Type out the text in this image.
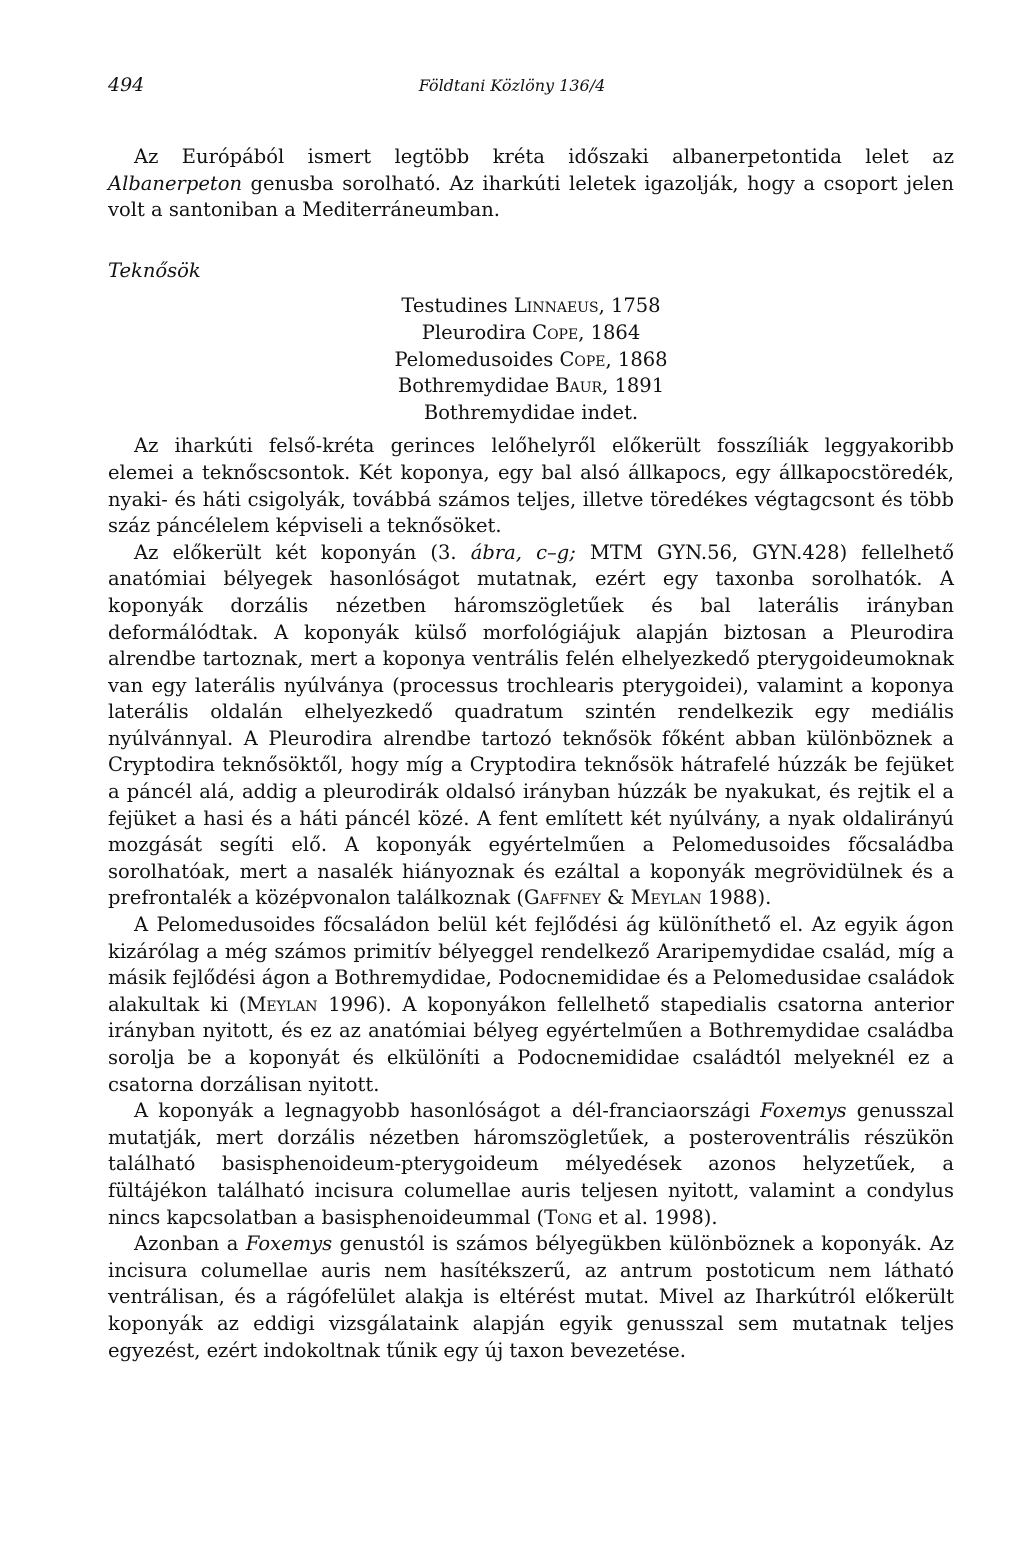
494	Földtani Közlöny 136/4

Az Európából ismert legtöbb kréta időszaki albanerpetontida lelet az Albanerpeton genusba sorolható. Az iharkúti leletek igazolják, hogy a csoport jelen volt a santoniban a Mediterráneumban.

Teknősök

Testudines Linnaeus, 1758
Pleurodira Cope, 1864
Pelomedusoides Cope, 1868
Bothremydidae Baur, 1891
Bothremydidae indet.

Az iharkúti felső-kréta gerinces lelőhelyről előkerült fosszíliák leggyakoribb elemei a teknőscsontok. Két koponya, egy bal alsó állkapocs, egy állkapocstöredék, nyaki- és háti csigolyák, továbbá számos teljes, illetve töredékes végtagcsont és több száz páncélelem képviseli a teknősöket.

Az előkerült két koponyán (3. ábra, c–g; MTM GYN.56, GYN.428) fellelhető anatómiai bélyegek hasonlóságot mutatnak, ezért egy taxonba sorolhatók. A koponyák dorzális nézetben háromszögletűek és bal laterális irányban deformálódtak. A koponyák külső morfológiájuk alapján biztosan a Pleurodira alrendbe tartoznak, mert a koponya ventrális felén elhelyezkedő pterygoideumoknak van egy laterális nyúlványa (processus trochlearis pterygoidei), valamint a koponya laterális oldalán elhelyezkedő quadratum szintén rendelkezik egy mediális nyúlvánnyal. A Pleurodira alrendbe tartozó teknősök főként abban különböznek a Cryptodira teknősöktől, hogy míg a Cryptodira teknősök hátrafelé húzzák be fejüket a páncél alá, addig a pleurodirák oldalsó irányban húzzák be nyakukat, és rejtik el a fejüket a hasi és a háti páncél közé. A fent említett két nyúlvány, a nyak oldalirányú mozgását segíti elő. A koponyák egyértelműen a Pelomedusoides főcsaládba sorolhatóak, mert a nasalék hiányoznak és ezáltal a koponyák megrövidülnek és a prefrontalék a középvonalon találkoznak (Gaffney & Meylan 1988).

A Pelomedusoides főcsaládon belül két fejlődési ág különíthető el. Az egyik ágon kizárólag a még számos primitív bélyeggel rendelkező Araripemydidae család, míg a másik fejlődési ágon a Bothremydidae, Podocnemididae és a Pelomedusidae családok alakultak ki (Meylan 1996). A koponyákon fellelhető stapedialis csatorna anterior irányban nyitott, és ez az anatómiai bélyeg egyértelműen a Bothremydidae családba sorolja be a koponyát és elkülöníti a Podocnemididae családtól melyeknél ez a csatorna dorzálisan nyitott.

A koponyák a legnagyobb hasonlóságot a dél-franciaországi Foxemys genusszal mutatják, mert dorzális nézetben háromszögletűek, a posteroventrális részükön található basisphenoideum-pterygoideum mélyedések azonos helyzetűek, a fültájékon található incisura columellae auris teljesen nyitott, valamint a condylus nincs kapcsolatban a basisphenoideummal (Tong et al. 1998).

Azonban a Foxemys genustól is számos bélyegükben különböznek a koponyák. Az incisura columellae auris nem hasítékszerű, az antrum postoticum nem látható ventrálisan, és a rágófelület alakja is eltérést mutat. Mivel az Iharkútról előkerült koponyák az eddigi vizsgálataink alapján egyik genusszal sem mutatnak teljes egyezést, ezért indokoltnak tűnik egy új taxon bevezetése.
